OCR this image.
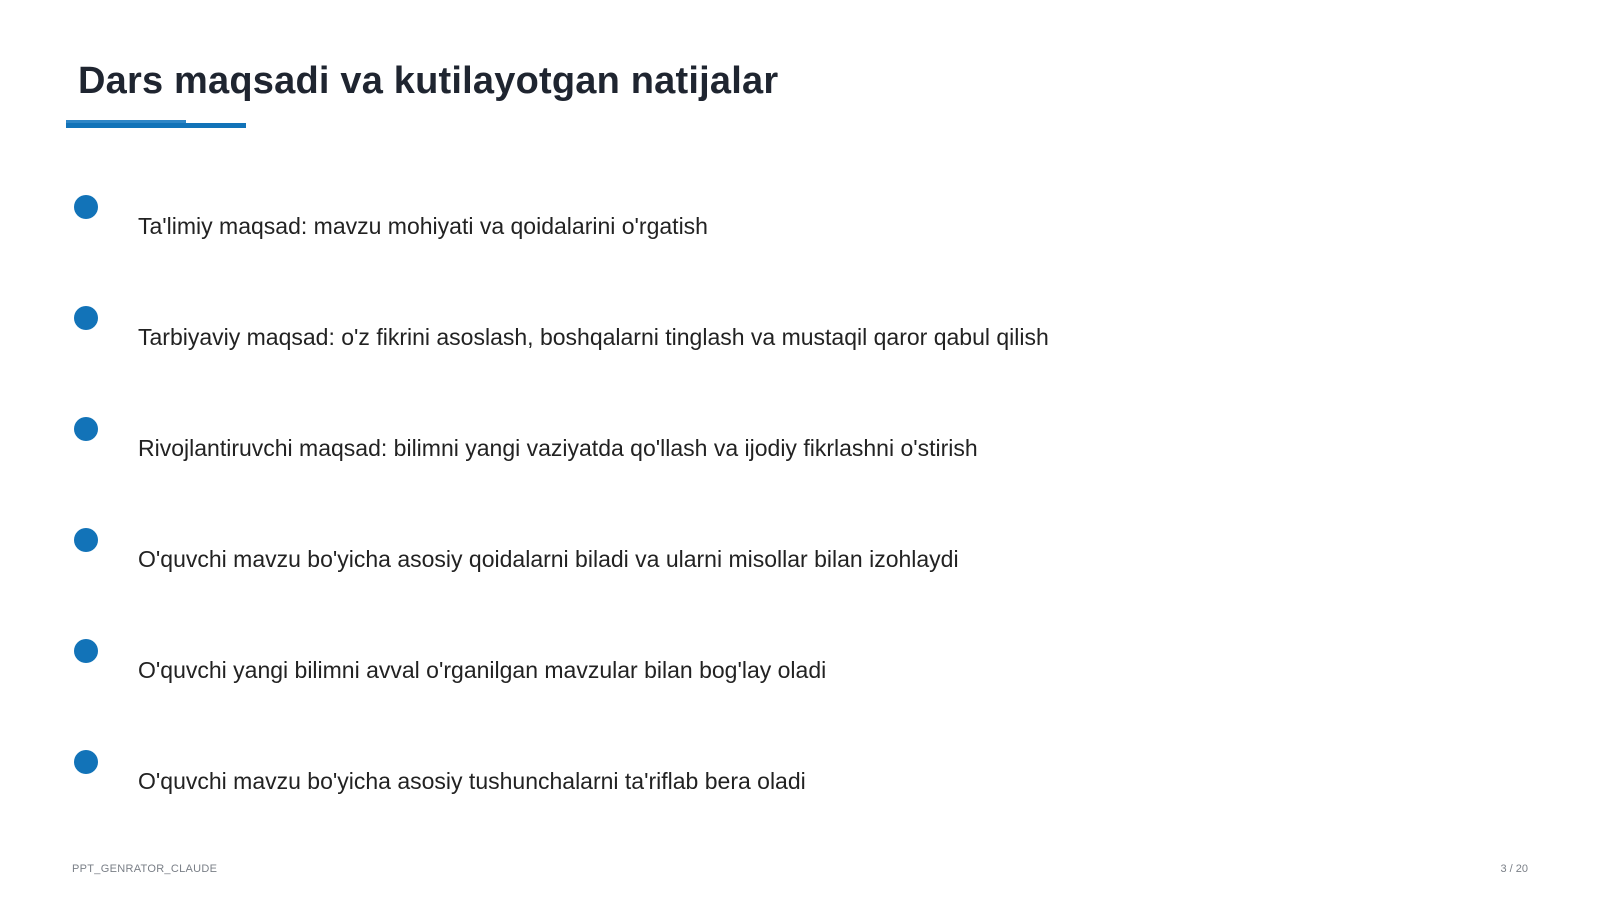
Dars maqsadi va kutilayotgan natijalar
Ta'limiy maqsad: mavzu mohiyati va qoidalarini o'rgatish
Tarbiyaviy maqsad: o'z fikrini asoslash, boshqalarni tinglash va mustaqil qaror qabul qilish
Rivojlantiruvchi maqsad: bilimni yangi vaziyatda qo'llash va ijodiy fikrlashni o'stirish
O'quvchi mavzu bo'yicha asosiy qoidalarni biladi va ularni misollar bilan izohlaydi
O'quvchi yangi bilimni avval o'rganilgan mavzular bilan bog'lay oladi
O'quvchi mavzu bo'yicha asosiy tushunchalarni ta'riflab bera oladi
PPT_GENRATOR_CLAUDE	3 / 20
